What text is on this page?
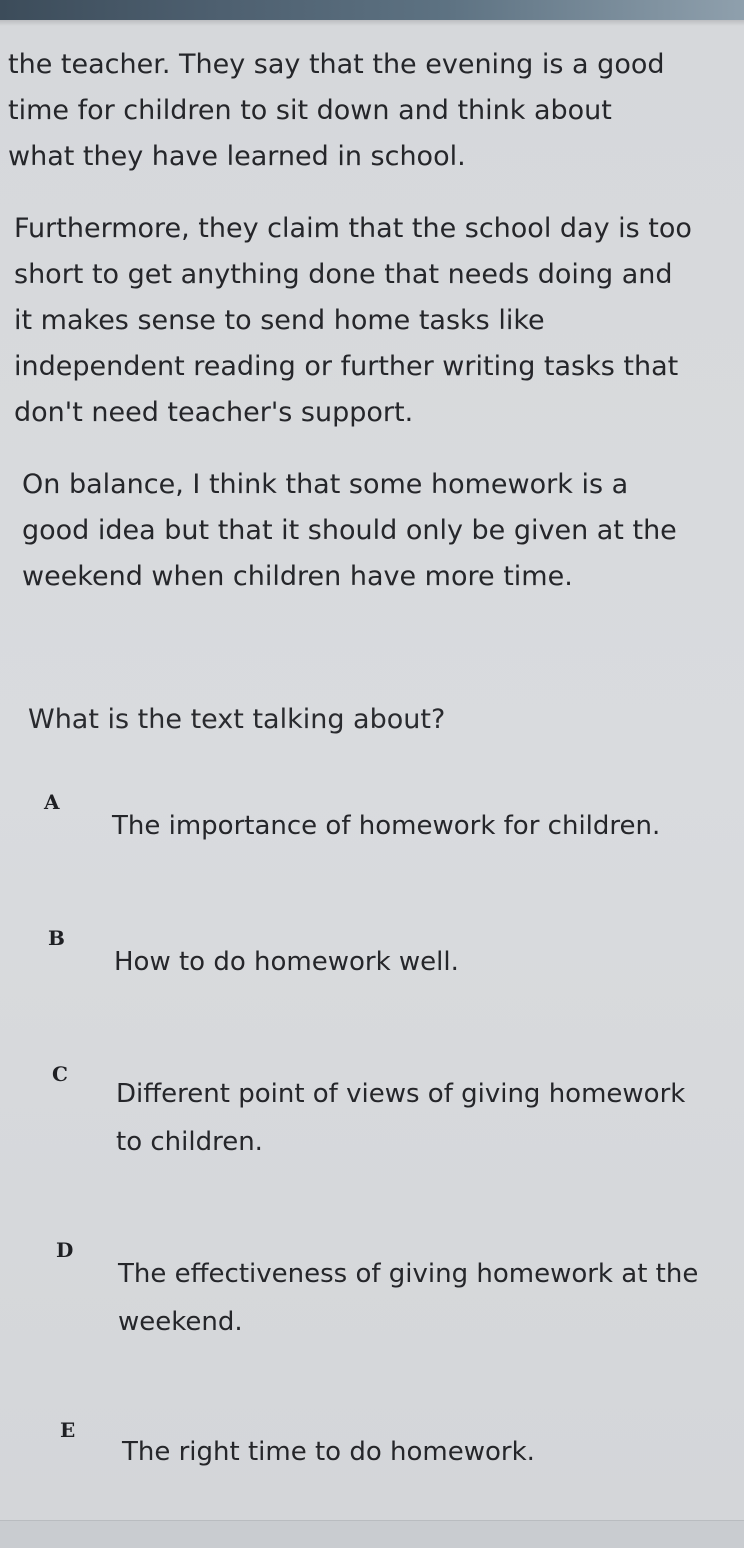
the teacher. They say that the evening is a good
time for children to sit down and think about
what they have learned in school.
Furthermore, they claim that the school day is too
short to get anything done that needs doing and
it makes sense to send home tasks like
independent reading or further writing tasks that
don't need teacher's support.
On balance, I think that some homework is a
good idea but that it should only be given at the
weekend when children have more time.
What is the text talking about?
A
The importance of homework for children.
B
How to do homework well.
C
Different point of views of giving homework
to children.
D
The effectiveness of giving homework at the
weekend.
E
The right time to do homework.
